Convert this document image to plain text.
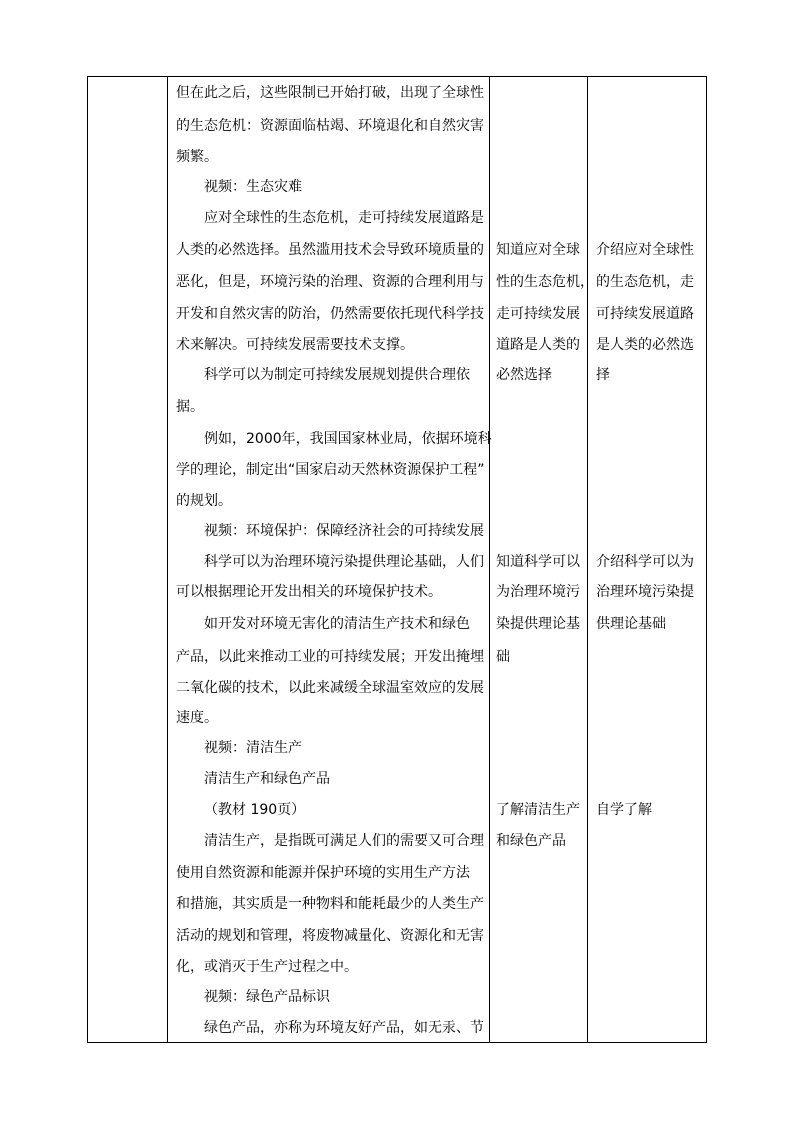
但在此之后，这些限制已开始打破，出现了全球性
的生态危机：资源面临枯竭、环境退化和自然灾害
频繁。
视频：生态灾难
应对全球性的生态危机，走可持续发展道路是
人类的必然选择。虽然滥用技术会导致环境质量的
恶化，但是，环境污染的治理、资源的合理利用与
开发和自然灾害的防治，仍然需要依托现代科学技
术来解决。可持续发展需要技术支撑。
科学可以为制定可持续发展规划提供合理依
据。
例如，2000年，我国国家林业局，依据环境科
学的理论，制定出“国家启动天然林资源保护工程”
的规划。
视频：环境保护：保障经济社会的可持续发展
科学可以为治理环境污染提供理论基础，人们
可以根据理论开发出相关的环境保护技术。
如开发对环境无害化的清洁生产技术和绿色
产品，以此来推动工业的可持续发展；开发出掩埋
二氧化碳的技术，以此来减缓全球温室效应的发展
速度。
视频：清洁生产
清洁生产和绿色产品
（教材 190页）
清洁生产，是指既可满足人们的需要又可合理
使用自然资源和能源并保护环境的实用生产方法
和措施，其实质是一种物料和能耗最少的人类生产
活动的规划和管理，将废物减量化、资源化和无害
化，或消灭于生产过程之中。
视频：绿色产品标识
绿色产品，亦称为环境友好产品，如无汞、节
知道应对全球
性的生态危机，
走可持续发展
道路是人类的
必然选择
知道科学可以
为治理环境污
染提供理论基
础
了解清洁生产
和绿色产品
介绍应对全球性
的生态危机，走
可持续发展道路
是人类的必然选
择
介绍科学可以为
治理环境污染提
供理论基础
自学了解
